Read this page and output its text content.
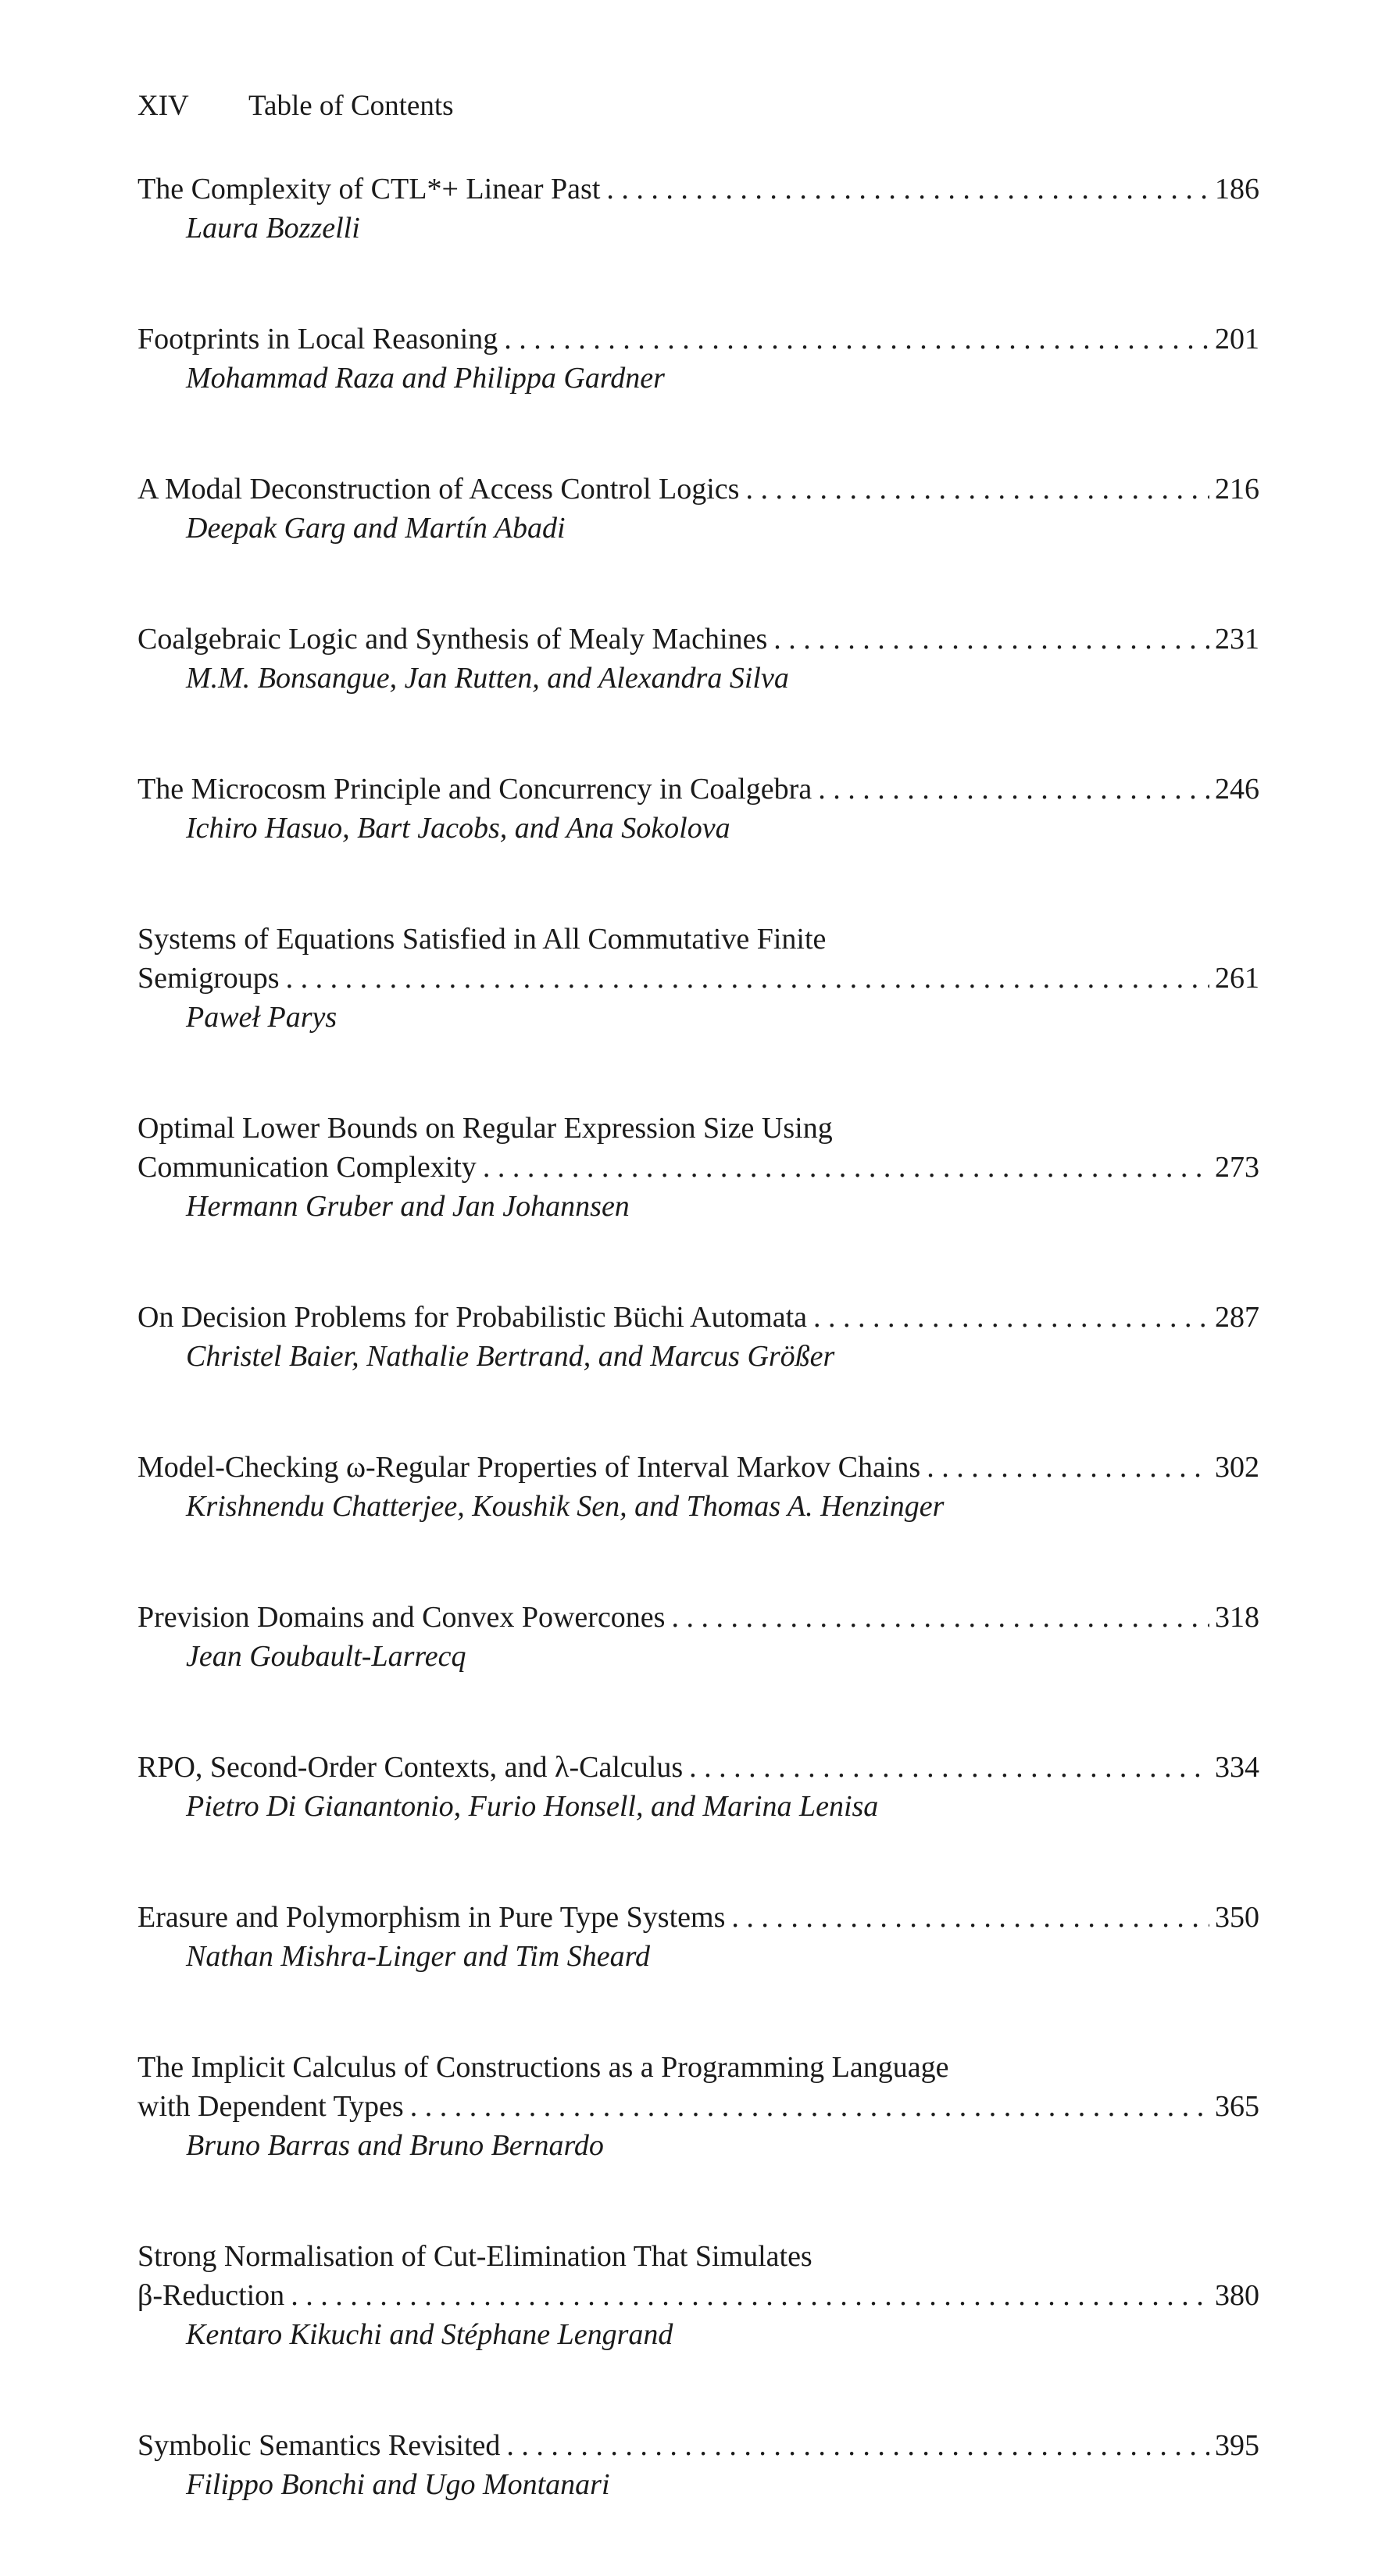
XIV Table of Contents
The Complexity of CTL*+ Linear Past . . .	186
Laura Bozzelli
Footprints in Local Reasoning . . .	201
Mohammad Raza and Philippa Gardner
A Modal Deconstruction of Access Control Logics . . .	216
Deepak Garg and Martín Abadi
Coalgebraic Logic and Synthesis of Mealy Machines . . .	231
M.M. Bonsangue, Jan Rutten, and Alexandra Silva
The Microcosm Principle and Concurrency in Coalgebra . . .	246
Ichiro Hasuo, Bart Jacobs, and Ana Sokolova
Systems of Equations Satisfied in All Commutative Finite
Semigroups . . .	261
Paweł Parys
Optimal Lower Bounds on Regular Expression Size Using
Communication Complexity . . .	273
Hermann Gruber and Jan Johannsen
On Decision Problems for Probabilistic Büchi Automata . . .	287
Christel Baier, Nathalie Bertrand, and Marcus Größer
Model-Checking ω-Regular Properties of Interval Markov Chains . . .	302
Krishnendu Chatterjee, Koushik Sen, and Thomas A. Henzinger
Prevision Domains and Convex Powercones . . .	318
Jean Goubault-Larrecq
RPO, Second-Order Contexts, and λ-Calculus . . .	334
Pietro Di Gianantonio, Furio Honsell, and Marina Lenisa
Erasure and Polymorphism in Pure Type Systems . . .	350
Nathan Mishra-Linger and Tim Sheard
The Implicit Calculus of Constructions as a Programming Language
with Dependent Types . . .	365
Bruno Barras and Bruno Bernardo
Strong Normalisation of Cut-Elimination That Simulates
β-Reduction . . .	380
Kentaro Kikuchi and Stéphane Lengrand
Symbolic Semantics Revisited . . .	395
Filippo Bonchi and Ugo Montanari
